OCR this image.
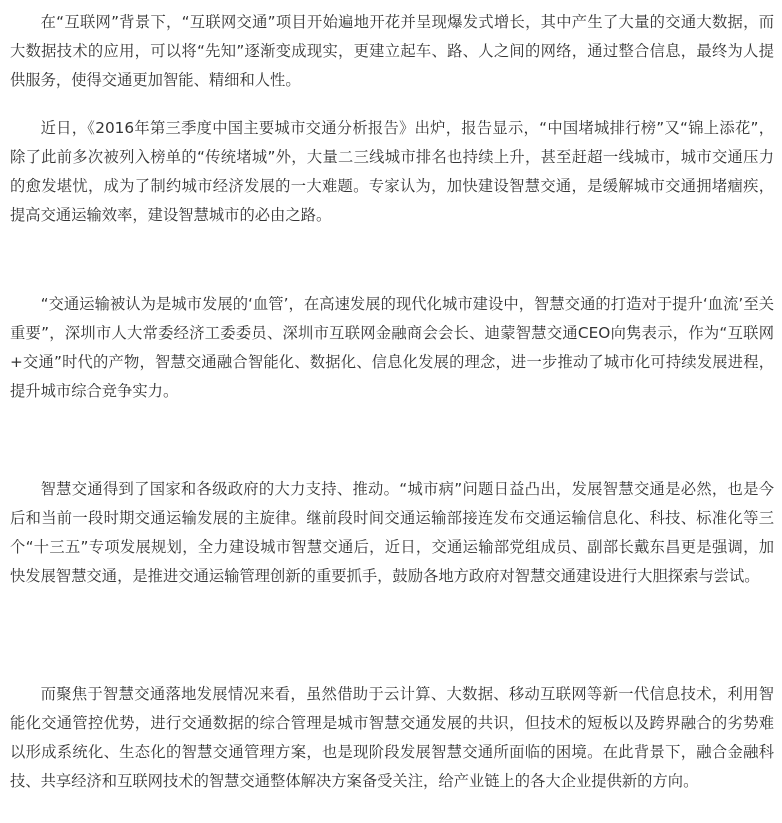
在“互联网”背景下，“互联网交通”项目开始遍地开花并呈现爆发式增长，其中产生了大量的交通大数据，而大数据技术的应用，可以将“先知”逐渐变成现实，更建立起车、路、人之间的网络，通过整合信息，最终为人提供服务，使得交通更加智能、精细和人性。

近日，《2016年第三季度中国主要城市交通分析报告》出炉，报告显示，“中国堵城排行榜”又“锦上添花”，除了此前多次被列入榜单的“传统堵城”外，大量二三线城市排名也持续上升，甚至赶超一线城市，城市交通压力的愈发堪忧，成为了制约城市经济发展的一大难题。专家认为，加快建设智慧交通，是缓解城市交通拥堵痼疾，提高交通运输效率，建设智慧城市的必由之路。

“交通运输被认为是城市发展的‘血管’，在高速发展的现代化城市建设中，智慧交通的打造对于提升‘血流’至关重要”，深圳市人大常委经济工委委员、深圳市互联网金融商会会长、迪蒙智慧交通CEO向隽表示，作为“互联网+交通”时代的产物，智慧交通融合智能化、数据化、信息化发展的理念，进一步推动了城市化可持续发展进程，提升城市综合竞争实力。

智慧交通得到了国家和各级政府的大力支持、推动。“城市病”问题日益凸出，发展智慧交通是必然，也是今后和当前一段时期交通运输发展的主旋律。继前段时间交通运输部接连发布交通运输信息化、科技、标准化等三个“十三五”专项发展规划，全力建设城市智慧交通后，近日，交通运输部党组成员、副部长戴东昌更是强调，加快发展智慧交通，是推进交通运输管理创新的重要抓手，鼓励各地方政府对智慧交通建设进行大胆探索与尝试。

而聚焦于智慧交通落地发展情况来看，虽然借助于云计算、大数据、移动互联网等新一代信息技术，利用智能化交通管控优势，进行交通数据的综合管理是城市智慧交通发展的共识，但技术的短板以及跨界融合的劣势难以形成系统化、生态化的智慧交通管理方案，也是现阶段发展智慧交通所面临的困境。在此背景下，融合金融科技、共享经济和互联网技术的智慧交通整体解决方案备受关注，给产业链上的各大企业提供新的方向。
